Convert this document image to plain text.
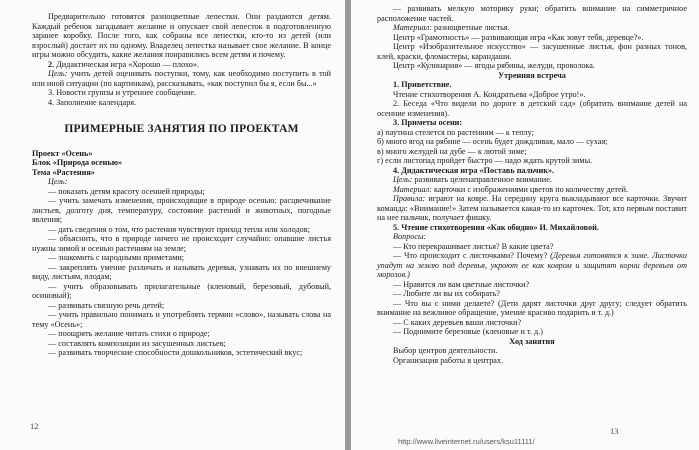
Предварительно готовятся разноцветные лепестки. Они раздаются детям. Каждый ребенок загадывает желание и опускает свой лепесток в подготовленную заранее коробку. После того, как собраны все лепестки, кто-то из детей (или взрослый) достает их по одному. Владелец лепестка называет свое желание. В конце игры можно обсудить, какие желания понравились всем детям и почему.

2. Дидактическая игра «Хорошо — плохо».

Цель: учить детей оценивать поступки, тому, как необходимо поступить в той или иной ситуации (по картинкам), рассказывать, «как поступил бы я, если бы...»

3. Новости группы и утреннее сообщение.

4. Заполнение календаря.

ПРИМЕРНЫЕ ЗАНЯТИЯ ПО ПРОЕКТАМ

Проект «Осень»

Блок «Природа осенью»

Тема «Растения»

Цель:

— показать детям красоту осенней природы;

— учить замечать изменения, происходящие в природе осенью: расцвечивание листьев, долготу дня, температуру, состояние растений и животных, погодные явления;

— дать сведения о том, что растения чувствуют приход тепла или холодов;

— объяснить, что в природе ничего не происходит случайно: опавшие листья нужны зимой и осенью растениям на земле;

— знакомить с народными приметами;

— закреплять умение различать и называть деревья, узнавать их по внешнему виду, листьям, плодам;

— учить образовывать прилагательные (кленовый, березовый, дубовый, осиновый);

— развивать связную речь детей;

— учить правильно понимать и употреблять термин «слово», называть слова на тему «Осень»;

— поощрять желание читать стихи о природе;

— составлять композиции из засушенных листьев;

— развивать творческие способности дошкольников, эстетический вкус;

— развивать мелкую моторику руки; обратить внимание на симметричное расположение частей.

Материал: разноцветные листья.

Центр «Грамотность» — развивающая игра «Как зовут тебя, деревце?».

Центр «Изобразительное искусство» — засушенные листья, фон разных тонов, клей, краски, фломастеры, карандаши.

Центр «Кулинария» — ягоды рябины, желуди, проволока.

Утренняя встреча

1. Приветствие.

Чтение стихотворения А. Кондратьева «Доброе утро!».

2. Беседа «Что видели по дороге в детский сад» (обратить внимание детей на осенние изменения).

3. Приметы осени:

а) паутина стелется по растениям — к теплу;

б) много ягод на рябине — осень будет дождливая, мало — сухая;

в) много желудей на дубе — к лютой зиме;

г) если листопад пройдет быстро — надо ждать крутой зимы.

4. Дидактическая игра «Поставь пальчик».

Цель: развивать целенаправленное внимание.

Материал: карточки с изображениями цветов по количеству детей.

Правила: играют на ковре. На середину круга выкладывают все карточки. Звучит команда: «Внимание!» Затем называется какая-то из карточек. Тот, кто первым поставит на нее пальчик, получает фишку.

5. Чтение стихотворения «Как обидно» И. Михайловой.

Вопросы:

— Кто перекрашивает листья? В какие цвета?

— Что происходит с листочками? Почему? (Деревья готовятся к зиме. Листочки упадут на землю под деревья, укроют ее как ковром и защитят корни деревьев от морозов.)

— Нравятся ли вам цветные листочки?

— Любите ли вы их собирать?

— Что вы с ними делаете? (Дети дарят листочки друг другу; следует обратить внимание на вежливое обращение, умение красиво подарить и т. д.)

— С каких деревьев ваши листочки?

— Поднимите березовые (кленовые и т. д.)

Ход занятия

Выбор центров деятельности.

Организация работы в центрах.

12	13
http://www.liveinternet.ru/users/ksu11111/
